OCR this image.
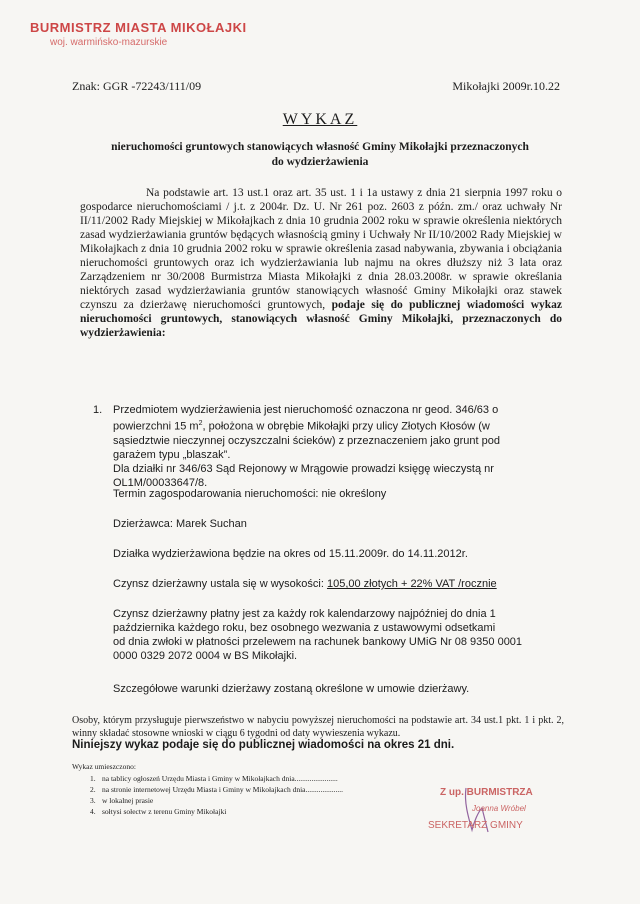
BURMISTRZ MIASTA MIKOŁAJKI
woj. warmińsko-mazurskie
Znak: GGR -72243/111/09	Mikołajki 2009r.10.22
WYKAZ
nieruchomości gruntowych stanowiących własność Gminy Mikołajki przeznaczonych
do wydzierżawienia
Na podstawie art. 13 ust.1 oraz art. 35 ust. 1 i 1a ustawy z dnia 21 sierpnia 1997 roku o gospodarce nieruchomościami / j.t. z 2004r. Dz. U. Nr 261 poz. 2603 z późn. zm./ oraz uchwały Nr II/11/2002 Rady Miejskiej w Mikołajkach z dnia 10 grudnia 2002 roku w sprawie określenia niektórych zasad wydzierżawiania gruntów będących własnością gminy i Uchwały Nr II/10/2002 Rady Miejskiej w Mikołajkach z dnia 10 grudnia 2002 roku w sprawie określenia zasad nabywania, zbywania i obciążania nieruchomości gruntowych oraz ich wydzierżawiania lub najmu na okres dłuższy niż 3 lata oraz Zarządzeniem nr 30/2008 Burmistrza Miasta Mikołajki z dnia 28.03.2008r. w sprawie określania niektórych zasad wydzierżawiania gruntów stanowiących własność Gminy Mikołajki oraz stawek czynszu za dzierżawę nieruchomości gruntowych, podaje się do publicznej wiadomości wykaz nieruchomości gruntowych, stanowiących własność Gminy Mikołajki, przeznaczonych do wydzierżawienia:
1. Przedmiotem wydzierżawienia jest nieruchomość oznaczona nr geod. 346/63 o
powierzchni 15 $m^2$, położona w obrębie Mikołajki przy ulicy Złotych Kłosów (w
sąsiedztwie nieczynnej oczyszczalni ścieków) z przeznaczeniem jako grunt pod
garażem typu „blaszak”.
Dla działki nr 346/63 Sąd Rejonowy w Mrągowie prowadzi księgę wieczystą nr
OL1M/00033647/8.
Termin zagospodarowania nieruchomości: nie określony
Dzierżawca: Marek Suchan
Działka wydzierżawiona będzie na okres od 15.11.2009r. do 14.11.2012r.
Czynsz dzierżawny ustala się w wysokości: 105,00 złotych + 22% VAT /rocznie
Czynsz dzierżawny płatny jest za każdy rok kalendarzowy najpóźniej do dnia 1
października każdego roku, bez osobnego wezwania z ustawowymi odsetkami
od dnia zwłoki w płatności przelewem na rachunek bankowy UMiG Nr 08 9350 0001
0000 0329 2072 0004 w BS Mikołajki.
Szczegółowe warunki dzierżawy zostaną określone w umowie dzierżawy.
Osoby, którym przysługuje pierwszeństwo w nabyciu powyższej nieruchomości na podstawie art. 34 ust.1 pkt. 1 i pkt. 2, winny składać stosowne wnioski w ciągu 6 tygodni od daty wywieszenia wykazu.
Niniejszy wykaz podaje się do publicznej wiadomości na okres 21 dni.
Wykaz umieszczono:
1. na tablicy ogłoszeń Urzędu Miasta i Gminy w Mikołajkach dnia.......................
2. na stronie internetowej Urzędu Miasta i Gminy w Mikołajkach dnia....................
3. w lokalnej prasie
4. sołtysi sołectw z terenu Gminy Mikołajki
Z up. BURMISTRZA
Joanna Wróbel
SEKRETARZ GMINY
